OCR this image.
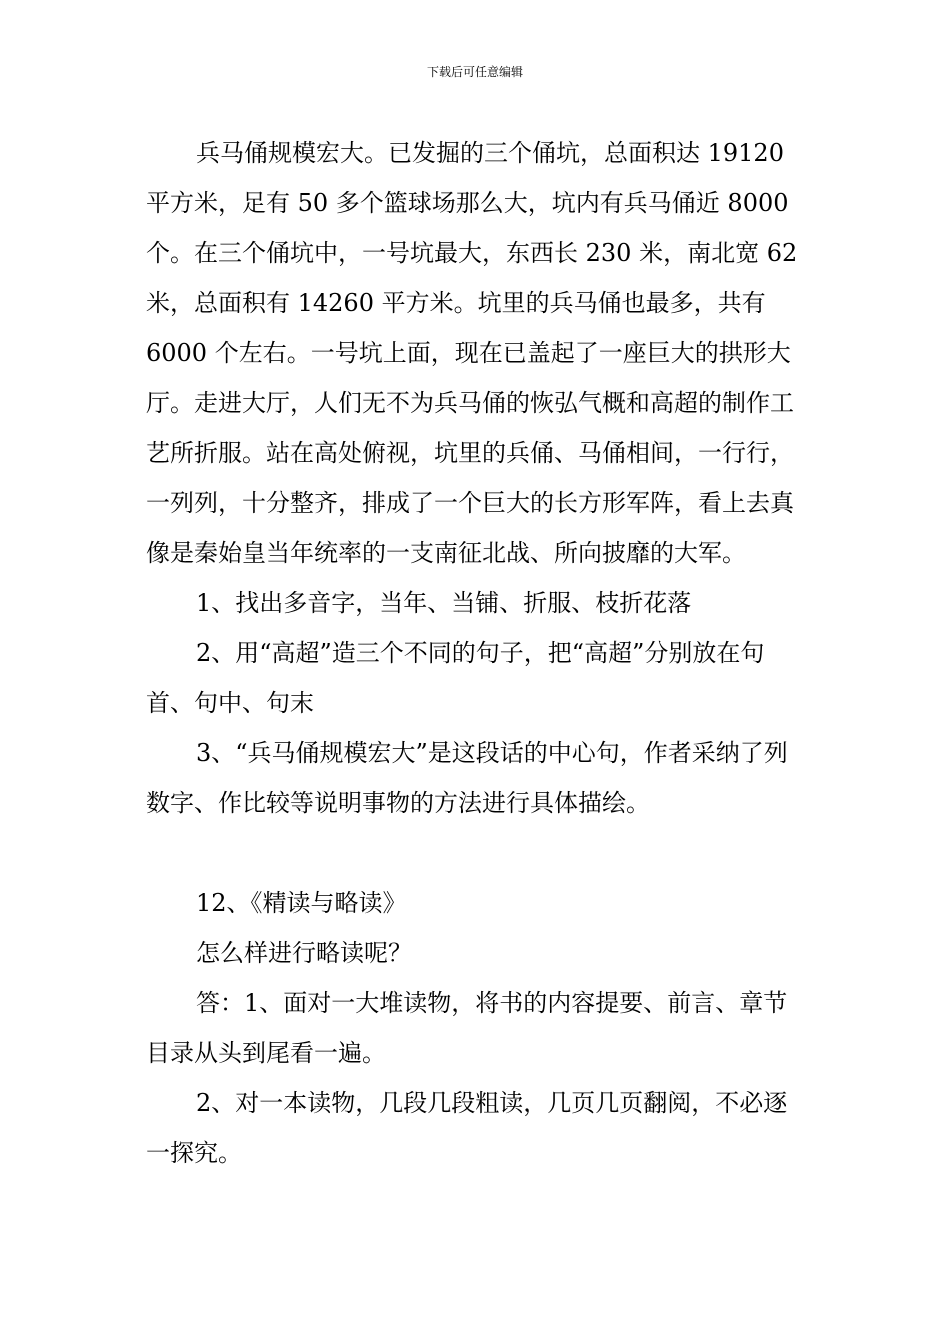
下载后可任意编辑

兵马俑规模宏大。已发掘的三个俑坑，总面积达 19120 平方米，足有 50 多个篮球场那么大，坑内有兵马俑近 8000 个。在三个俑坑中，一号坑最大，东西长 230 米，南北宽 62 米，总面积有 14260 平方米。坑里的兵马俑也最多，共有 6000 个左右。一号坑上面，现在已盖起了一座巨大的拱形大厅。走进大厅，人们无不为兵马俑的恢弘气概和高超的制作工艺所折服。站在高处俯视，坑里的兵俑、马俑相间，一行行，一列列，十分整齐，排成了一个巨大的长方形军阵，看上去真像是秦始皇当年统率的一支南征北战、所向披靡的大军。

1、找出多音字，当年、当铺、折服、枝折花落

2、用“高超”造三个不同的句子，把“高超”分别放在句首、句中、句末

3、“兵马俑规模宏大”是这段话的中心句，作者采纳了列数字、作比较等说明事物的方法进行具体描绘。

12、《精读与略读》

怎么样进行略读呢？

答：1、面对一大堆读物，将书的内容提要、前言、章节目录从头到尾看一遍。

2、对一本读物，几段几段粗读，几页几页翻阅，不必逐一探究。
